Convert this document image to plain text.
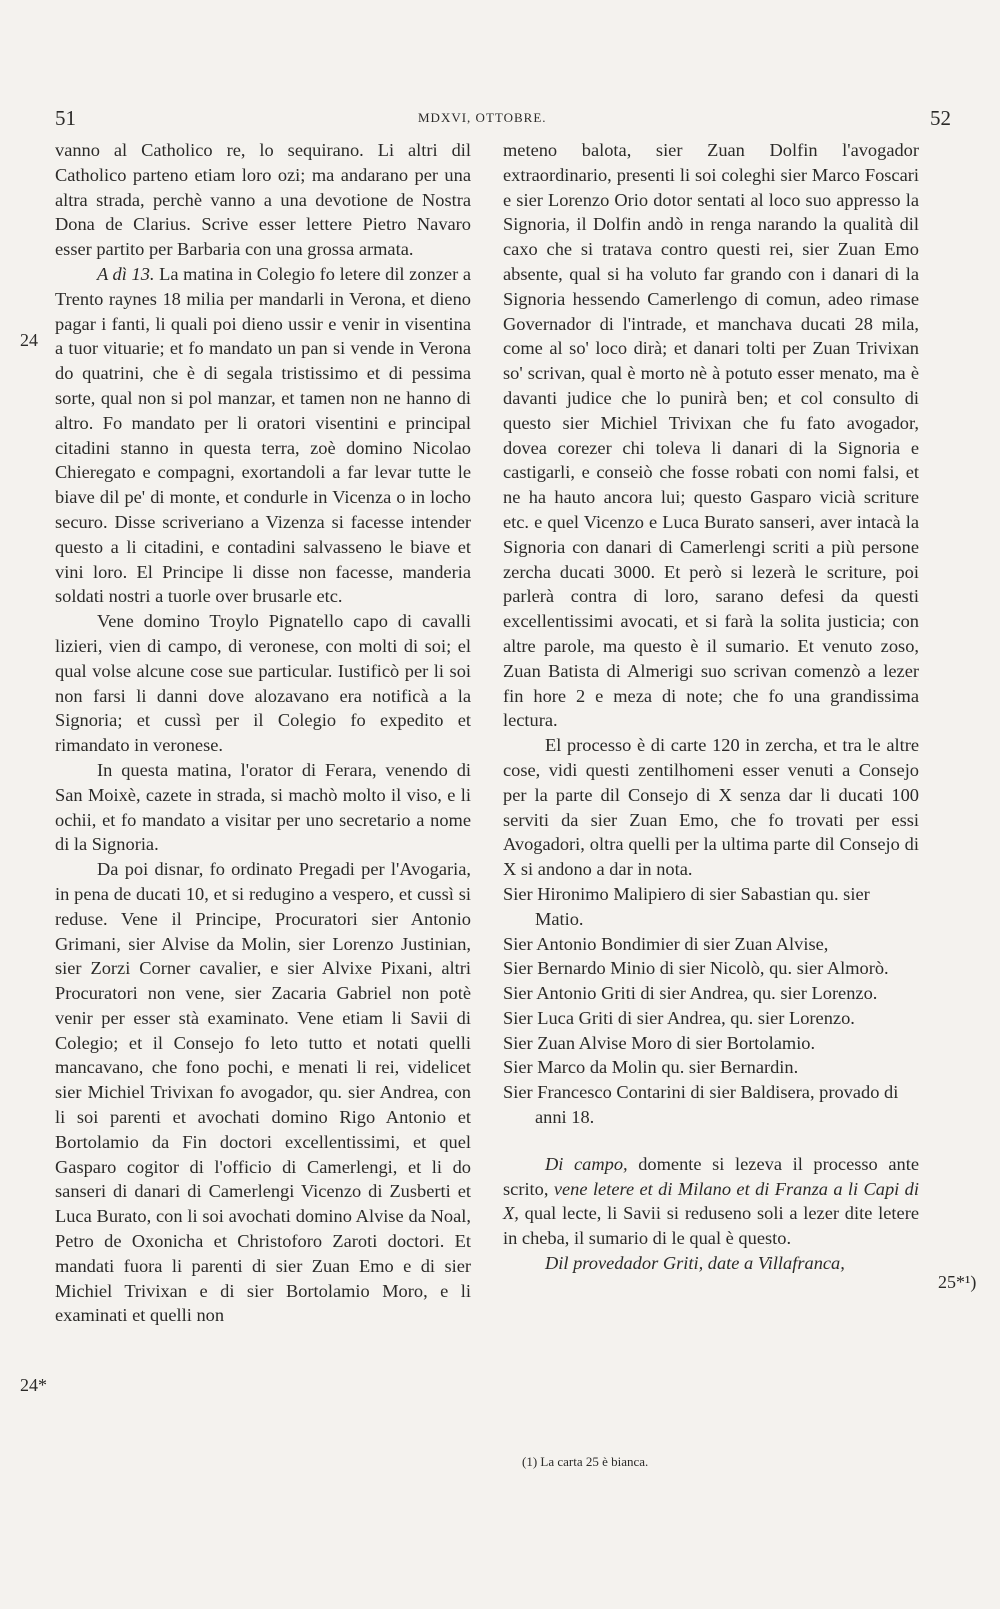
51	MDXVI, OTTOBRE.	52
24
24*
25*¹)

vanno al Catholico re, lo sequirano. Li altri dil Catholico parteno etiam loro ozi; ma andarano per una altra strada, perchè vanno a una devotione de Nostra Dona de Clarius. Scrive esser lettere Pietro Navaro esser partito per Barbaria con una grossa armata.

A dì 13. La matina in Colegio fo letere dil zonzer a Trento raynes 18 milia per mandarli in Verona, et dieno pagar i fanti, li quali poi dieno ussir e venir in visentina a tuor vituarie; et fo mandato un pan si vende in Verona do quatrini, che è di segala tristissimo et di pessima sorte, qual non si pol manzar, et tamen non ne hanno di altro. Fo mandato per li oratori visentini e principal citadini stanno in questa terra, zoè domino Nicolao Chieregato e compagni, exortandoli a far levar tutte le biave dil pe' di monte, et condurle in Vicenza o in locho securo. Disse scriveriano a Vizenza si facesse intender questo a li citadini, e contadini salvasseno le biave et vini loro. El Principe li disse non facesse, manderia soldati nostri a tuorle over brusarle etc.

Vene domino Troylo Pignatello capo di cavalli lizieri, vien di campo, di veronese, con molti di soi; el qual volse alcune cose sue particular. Iustificò per li soi non farsi li danni dove alozavano era notificà a la Signoria; et cussì per il Colegio fo expedito et rimandato in veronese.

In questa matina, l'orator di Ferara, venendo di San Moixè, cazete in strada, si machò molto il viso, e li ochii, et fo mandato a visitar per uno secretario a nome di la Signoria.

Da poi disnar, fo ordinato Pregadi per l'Avogaria, in pena de ducati 10, et si redugino a vespero, et cussì si reduse. Vene il Principe, Procuratori sier Antonio Grimani, sier Alvise da Molin, sier Lorenzo Justinian, sier Zorzi Corner cavalier, e sier Alvixe Pixani, altri Procuratori non vene, sier Zacaria Gabriel non potè venir per esser stà examinato. Vene etiam li Savii di Colegio; et il Consejo fo leto tutto et notati quelli mancavano, che fono pochi, e menati li rei, videlicet sier Michiel Trivixan fo avogador, qu. sier Andrea, con li soi parenti et avochati domino Rigo Antonio et Bortolamio da Fin doctori excellentissimi, et quel Gasparo cogitor di l'officio di Camerlengi, et li do sanseri di danari di Camerlengi Vicenzo di Zusberti et Luca Burato, con li soi avochati domino Alvise da Noal, Petro de Oxonicha et Christoforo Zaroti doctori. Et mandati fuora li parenti di sier Zuan Emo e di sier Michiel Trivixan e di sier Bortolamio Moro, e li examinati et quelli non

meteno balota, sier Zuan Dolfin l'avogador extraordinario, presenti li soi coleghi sier Marco Foscari e sier Lorenzo Orio dotor sentati al loco suo appresso la Signoria, il Dolfin andò in renga narando la qualità dil caxo che si tratava contro questi rei, sier Zuan Emo absente, qual si ha voluto far grando con i danari di la Signoria hessendo Camerlengo di comun, adeo rimase Governador di l'intrade, et manchava ducati 28 mila, come al so' loco dirà; et danari tolti per Zuan Trivixan so' scrivan, qual è morto nè à potuto esser menato, ma è davanti judice che lo punirà ben; et col consulto di questo sier Michiel Trivixan che fu fato avogador, dovea corezer chi toleva li danari di la Signoria e castigarli, e conseiò che fosse robati con nomi falsi, et ne ha hauto ancora lui; questo Gasparo vicià scriture etc. e quel Vicenzo e Luca Burato sanseri, aver intacà la Signoria con danari di Camerlengi scriti a più persone zercha ducati 3000. Et però si lezerà le scriture, poi parlerà contra di loro, sarano defesi da questi excellentissimi avocati, et si farà la solita justicia; con altre parole, ma questo è il sumario. Et venuto zoso, Zuan Batista di Almerigi suo scrivan comenzò a lezer fin hore 2 e meza di note; che fo una grandissima lectura.

El processo è di carte 120 in zercha, et tra le altre cose, vidi questi zentilhomeni esser venuti a Consejo per la parte dil Consejo di X senza dar li ducati 100 serviti da sier Zuan Emo, che fo trovati per essi Avogadori, oltra quelli per la ultima parte dil Consejo di X si andono a dar in nota.

Sier Hironimo Malipiero di sier Sabastian qu. sier Matio.

Sier Antonio Bondimier di sier Zuan Alvise,

Sier Bernardo Minio di sier Nicolò, qu. sier Almorò.

Sier Antonio Griti di sier Andrea, qu. sier Lorenzo.

Sier Luca Griti di sier Andrea, qu. sier Lorenzo.

Sier Zuan Alvise Moro di sier Bortolamio.

Sier Marco da Molin qu. sier Bernardin.

Sier Francesco Contarini di sier Baldisera, provado di anni 18.

Di campo, domente si lezeva il processo ante scrito, vene letere et di Milano et di Franza a li Capi di X, qual lecte, li Savii si reduseno soli a lezer dite letere in cheba, il sumario di le qual è questo.

Dil provedador Griti, date a Villafranca,

(1) La carta 25 è bianca.
